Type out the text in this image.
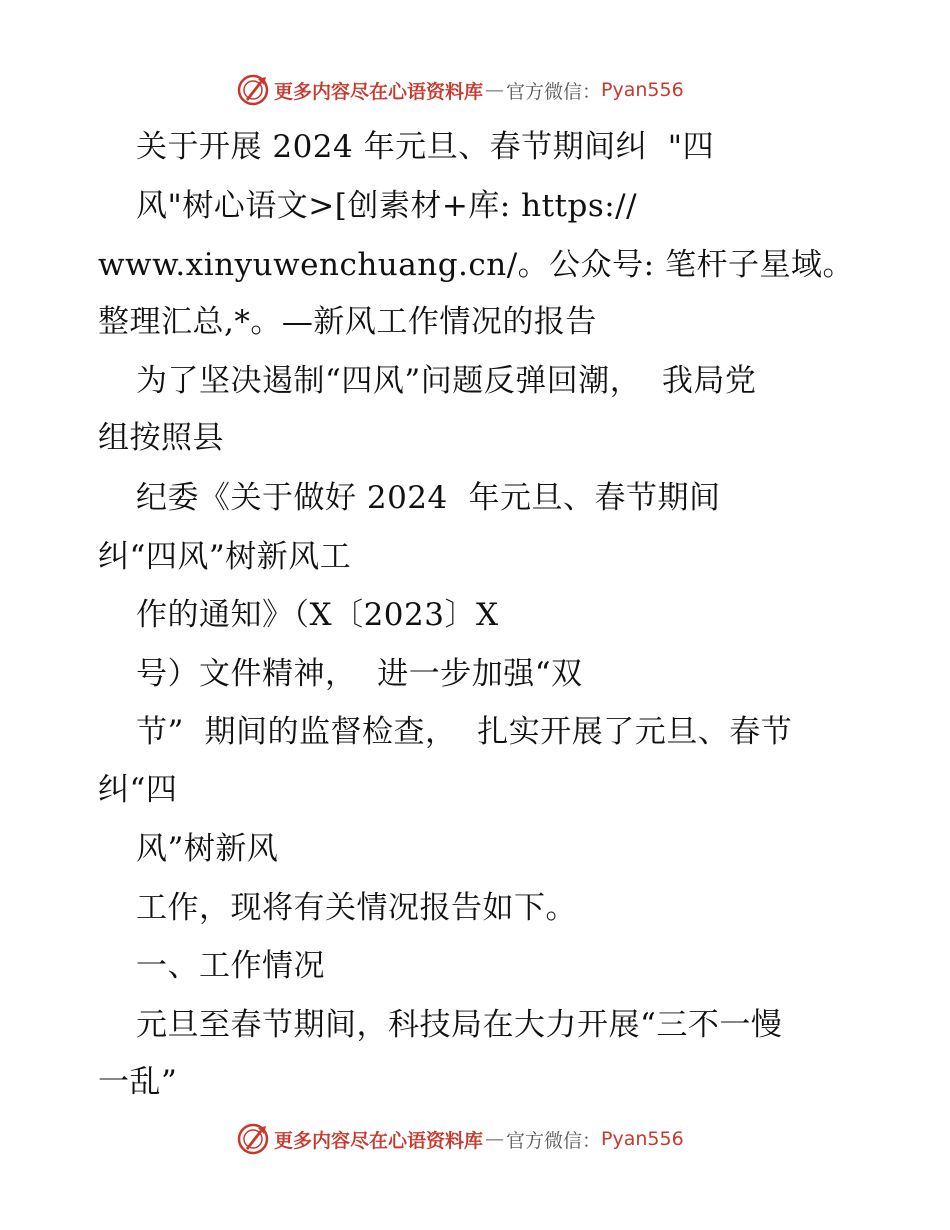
更多内容尽在心语资料库 — 官方微信： Pyan556
关于开展 2024 年元旦、春节期间纠  "四
风"树心语文>[创素材+库: https://
www.xinyuwenchuang.cn/。公众号: 笔杆子星域。
整理汇总,*。—新风工作情况的报告
为了坚决遏制“四风”问题反弹回潮，  我局党
组按照县
纪委《关于做好 2024  年元旦、春节期间
纠“四风”树新风工
作的通知》（X〔2023〕X
号）文件精神，  进一步加强“双
节”  期间的监督检查，  扎实开展了元旦、春节
纠“四
风”树新风
工作，现将有关情况报告如下。
一、工作情况
元旦至春节期间，科技局在大力开展“三不一慢
一乱”
更多内容尽在心语资料库 — 官方微信： Pyan556
